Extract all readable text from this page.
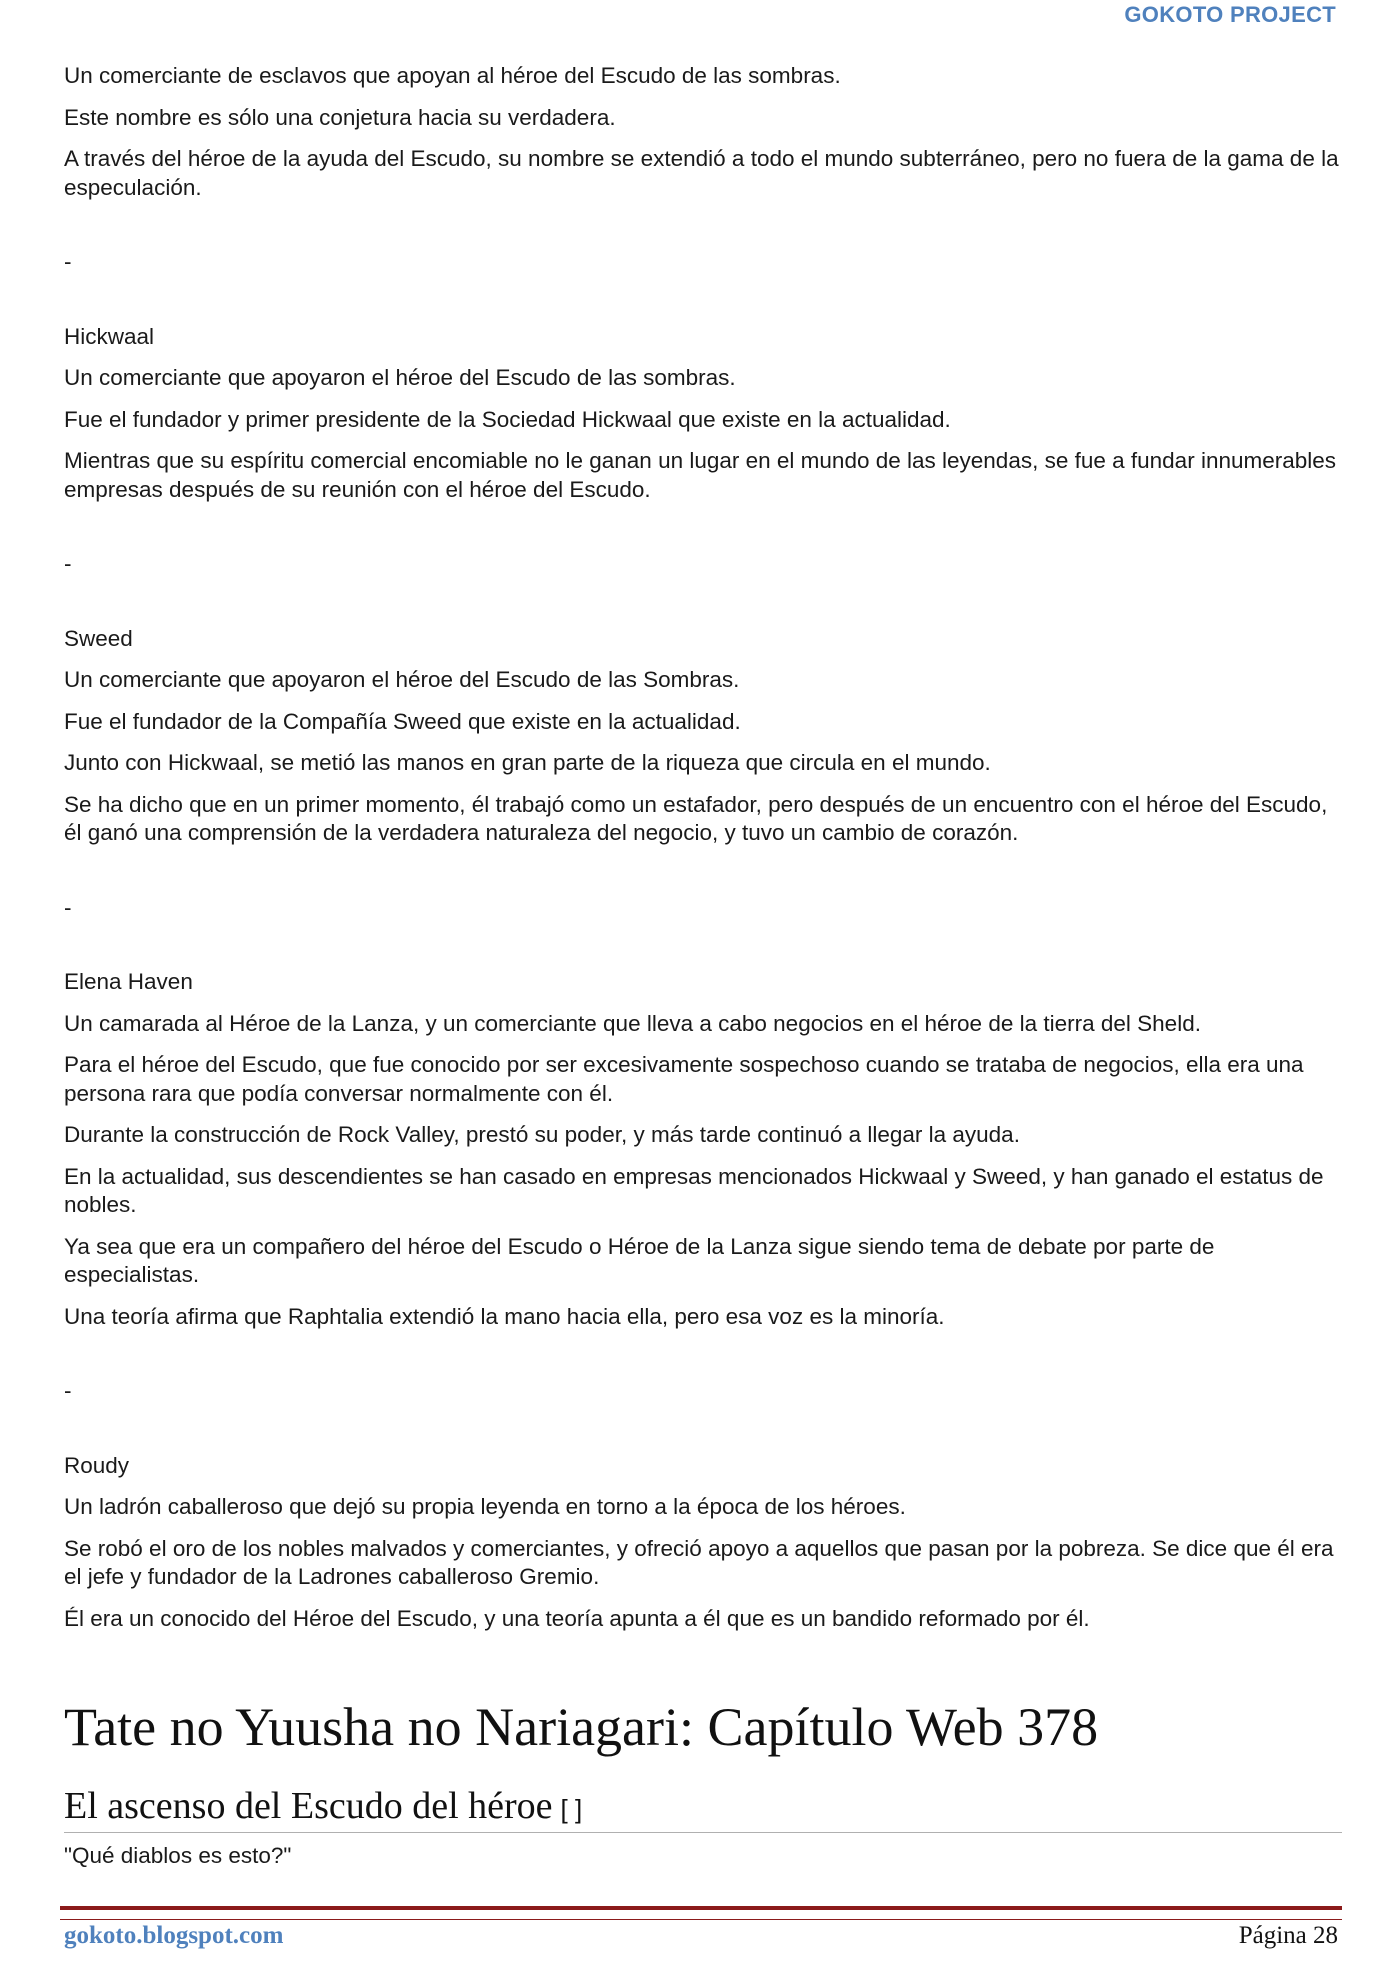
GOKOTO PROJECT

Un comerciante de esclavos que apoyan al héroe del Escudo de las sombras.

Este nombre es sólo una conjetura hacia su verdadera.

A través del héroe de la ayuda del Escudo, su nombre se extendió a todo el mundo subterráneo, pero no fuera de la gama de la especulación.

-

Hickwaal

Un comerciante que apoyaron el héroe del Escudo de las sombras.

Fue el fundador y primer presidente de la Sociedad Hickwaal que existe en la actualidad.

Mientras que su espíritu comercial encomiable no le ganan un lugar en el mundo de las leyendas, se fue a fundar innumerables empresas después de su reunión con el héroe del Escudo.

-

Sweed

Un comerciante que apoyaron el héroe del Escudo de las Sombras.

Fue el fundador de la Compañía Sweed que existe en la actualidad.

Junto con Hickwaal, se metió las manos en gran parte de la riqueza que circula en el mundo.

Se ha dicho que en un primer momento, él trabajó como un estafador, pero después de un encuentro con el héroe del Escudo, él ganó una comprensión de la verdadera naturaleza del negocio, y tuvo un cambio de corazón.

-

Elena Haven

Un camarada al Héroe de la Lanza, y un comerciante que lleva a cabo negocios en el héroe de la tierra del Sheld.

Para el héroe del Escudo, que fue conocido por ser excesivamente sospechoso cuando se trataba de negocios, ella era una persona rara que podía conversar normalmente con él.

Durante la construcción de Rock Valley, prestó su poder, y más tarde continuó a llegar la ayuda.

En la actualidad, sus descendientes se han casado en empresas mencionados Hickwaal y Sweed, y han ganado el estatus de nobles.

Ya sea que era un compañero del héroe del Escudo o Héroe de la Lanza sigue siendo tema de debate por parte de especialistas.

Una teoría afirma que Raphtalia extendió la mano hacia ella, pero esa voz es la minoría.

-

Roudy

Un ladrón caballeroso que dejó su propia leyenda en torno a la época de los héroes.

Se robó el oro de los nobles malvados y comerciantes, y ofreció apoyo a aquellos que pasan por la pobreza. Se dice que él era el jefe y fundador de la Ladrones caballeroso Gremio.

Él era un conocido del Héroe del Escudo, y una teoría apunta a él que es un bandido reformado por él.

Tate no Yuusha no Nariagari: Capítulo Web 378
El ascenso del Escudo del héroe [ ]
"Qué diablos es esto?"
gokoto.blogspot.com	Página 28
